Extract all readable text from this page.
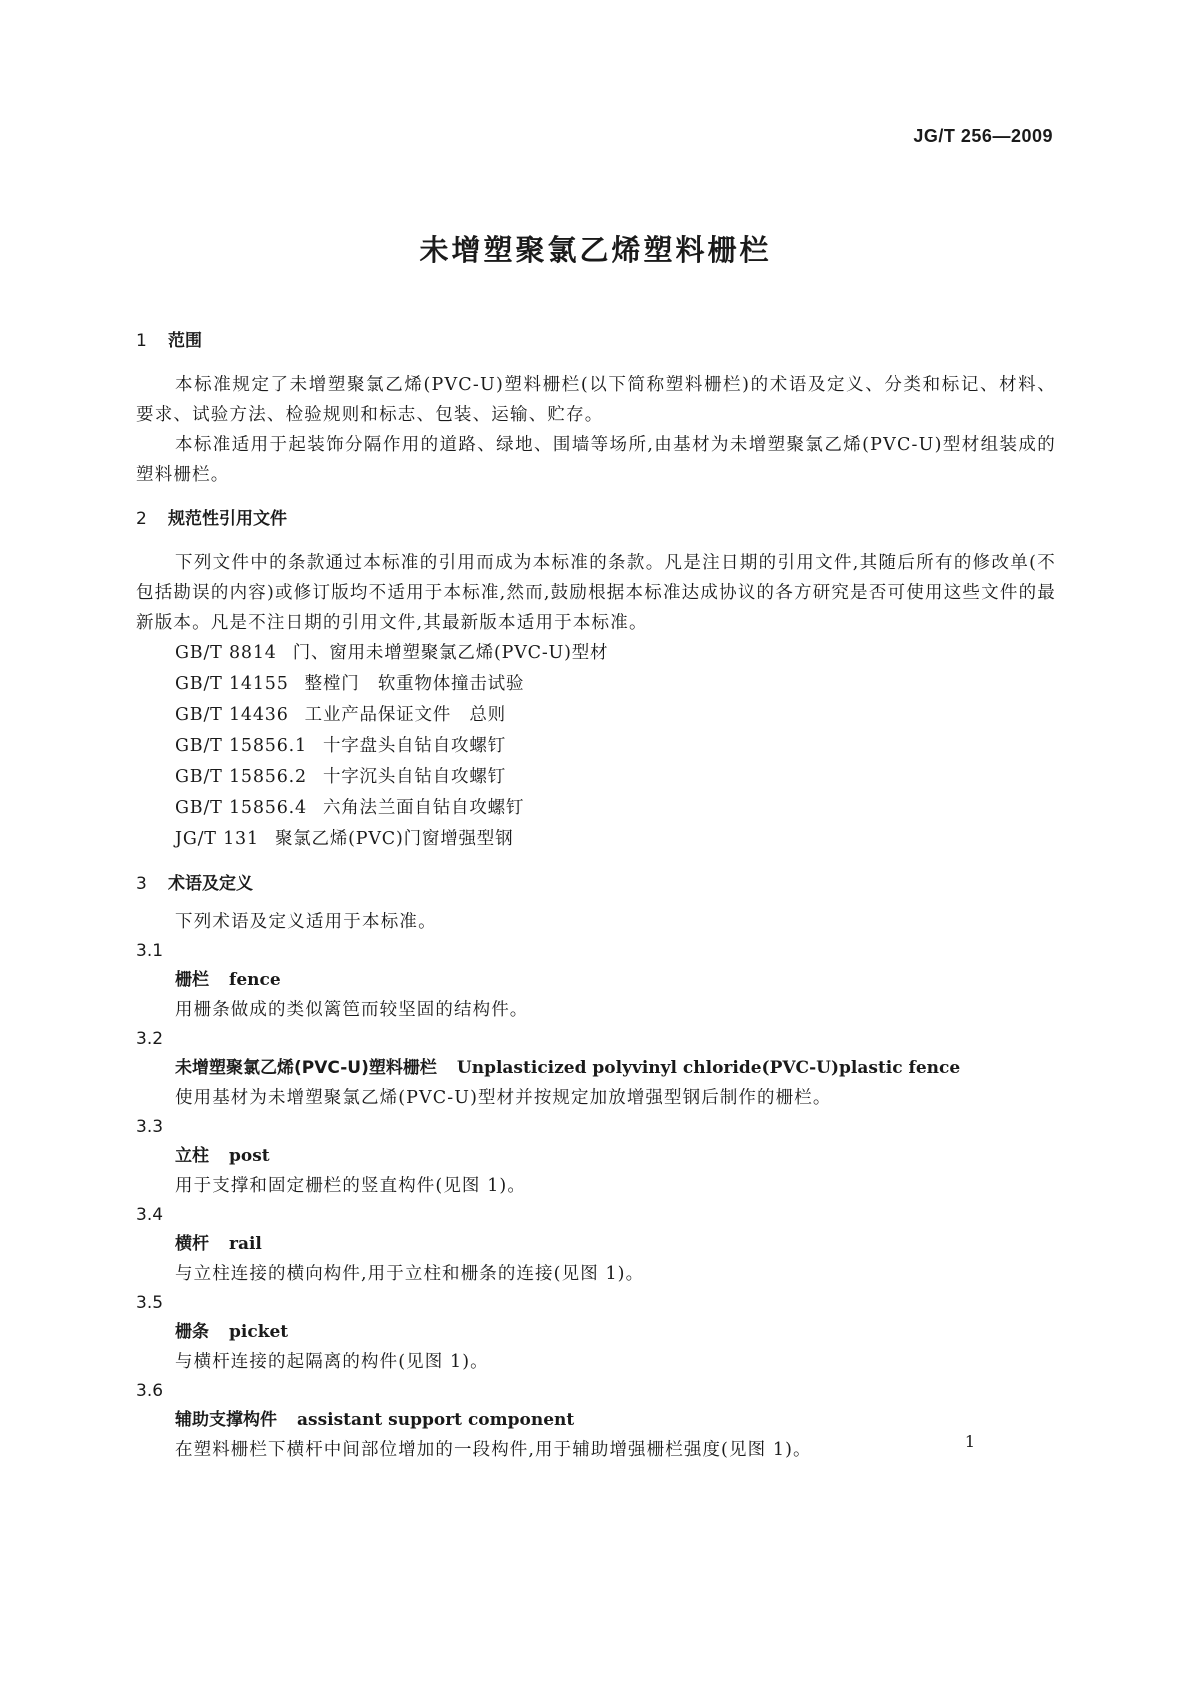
JG/T 256—2009
未增塑聚氯乙烯塑料栅栏
1 范围

本标准规定了未增塑聚氯乙烯(PVC-U)塑料栅栏(以下简称塑料栅栏)的术语及定义、分类和标记、材料、要求、试验方法、检验规则和标志、包装、运输、贮存。

本标准适用于起装饰分隔作用的道路、绿地、围墙等场所,由基材为未增塑聚氯乙烯(PVC-U)型材组装成的塑料栅栏。

2 规范性引用文件

下列文件中的条款通过本标准的引用而成为本标准的条款。凡是注日期的引用文件,其随后所有的修改单(不包括勘误的内容)或修订版均不适用于本标准,然而,鼓励根据本标准达成协议的各方研究是否可使用这些文件的最新版本。凡是不注日期的引用文件,其最新版本适用于本标准。

GB/T 8814 门、窗用未增塑聚氯乙烯(PVC-U)型材
GB/T 14155 整樘门　软重物体撞击试验
GB/T 14436 工业产品保证文件　总则
GB/T 15856.1 十字盘头自钻自攻螺钉
GB/T 15856.2 十字沉头自钻自攻螺钉
GB/T 15856.4 六角法兰面自钻自攻螺钉
JG/T 131 聚氯乙烯(PVC)门窗增强型钢
3 术语及定义

下列术语及定义适用于本标准。

3.1
栅栏 fence
用栅条做成的类似篱笆而较坚固的结构件。
3.2
未增塑聚氯乙烯(PVC-U)塑料栅栏 Unplasticized polyvinyl chloride(PVC-U)plastic fence
使用基材为未增塑聚氯乙烯(PVC-U)型材并按规定加放增强型钢后制作的栅栏。
3.3
立柱 post
用于支撑和固定栅栏的竖直构件(见图 1)。
3.4
横杆 rail
与立柱连接的横向构件,用于立柱和栅条的连接(见图 1)。
3.5
栅条 picket
与横杆连接的起隔离的构件(见图 1)。
3.6
辅助支撑构件 assistant support component
在塑料栅栏下横杆中间部位增加的一段构件,用于辅助增强栅栏强度(见图 1)。	1
